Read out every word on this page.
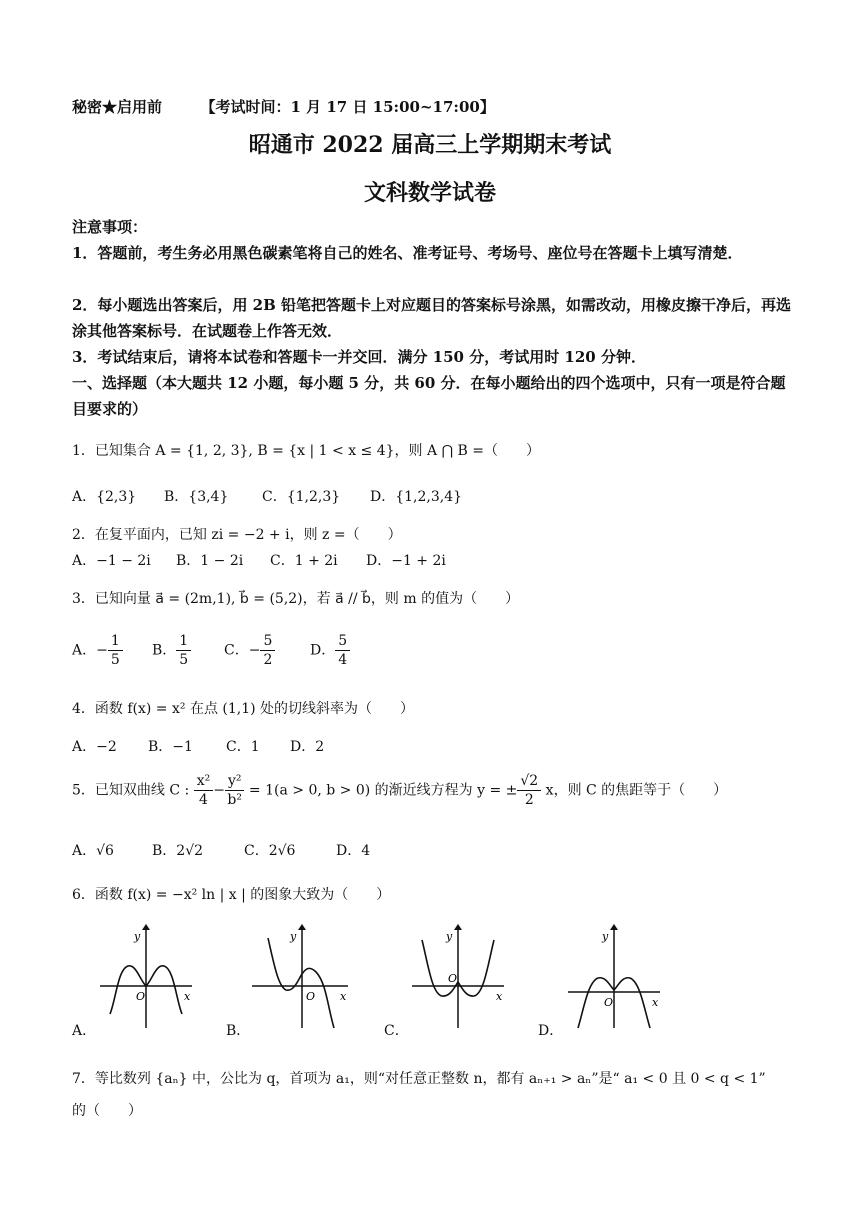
秘密★启用前	【考试时间：1 月 17 日 15:00~17:00】
昭通市 2022 届高三上学期期末考试
文科数学试卷
注意事项：
1．答题前，考生务必用黑色碳素笔将自己的姓名、准考证号、考场号、座位号在答题卡上填写清楚．
2．每小题选出答案后，用 2B 铅笔把答题卡上对应题目的答案标号涂黑，如需改动，用橡皮擦干净后，再选涂其他答案标号．在试题卷上作答无效．
3．考试结束后，请将本试卷和答题卡一并交回．满分 150 分，考试用时 120 分钟．
一、选择题（本大题共 12 小题，每小题 5 分，共 60 分．在每小题给出的四个选项中，只有一项是符合题目要求的）
1．已知集合 A = {1, 2, 3}, B = {x | 1 < x ≤ 4}，则 A ⋂ B =（　　）
A．{2,3} B．{3,4} C．{1,2,3} D．{1,2,3,4}
2．在复平面内，已知 zi = −2 + i，则 z =（　　）
A．−1 − 2i B．1 − 2i C．1 + 2i D．−1 + 2i
3．已知向量 a⃗ = (2m,1), b⃗ = (5,2)，若 a⃗ // b⃗，则 m 的值为（　　）
A．− $\frac{1}{5}$ B． $\frac{1}{5}$ C．− $\frac{5}{2}$ D． $\frac{5}{4}$
4．函数 f(x) = x² 在点 (1,1) 处的切线斜率为（　　）
A．−2 B．−1 C．1 D．2
5．已知双曲线 C : $\frac{\text{x²}}{4} - \frac{\text{y²}}{\text{b²}} = 1(a > 0$, b > 0) 的渐近线方程为 y = ± $\frac{√2}{2}$ x，则 C 的焦距等于（　　）
A．√6	B．2√2	C．2√6	D．4
6．函数 f(x) = −x² ln | x | 的图象大致为（　　）
y
O	x
A．
y
O x
B．
y
O
x
C．
y
O	x
D．
7．等比数列 {aₙ} 中，公比为 q，首项为 a₁，则“对任意正整数 n，都有 aₙ₊₁ > aₙ”是“ a₁ < 0 且 0 < q < 1”
的（　　）
